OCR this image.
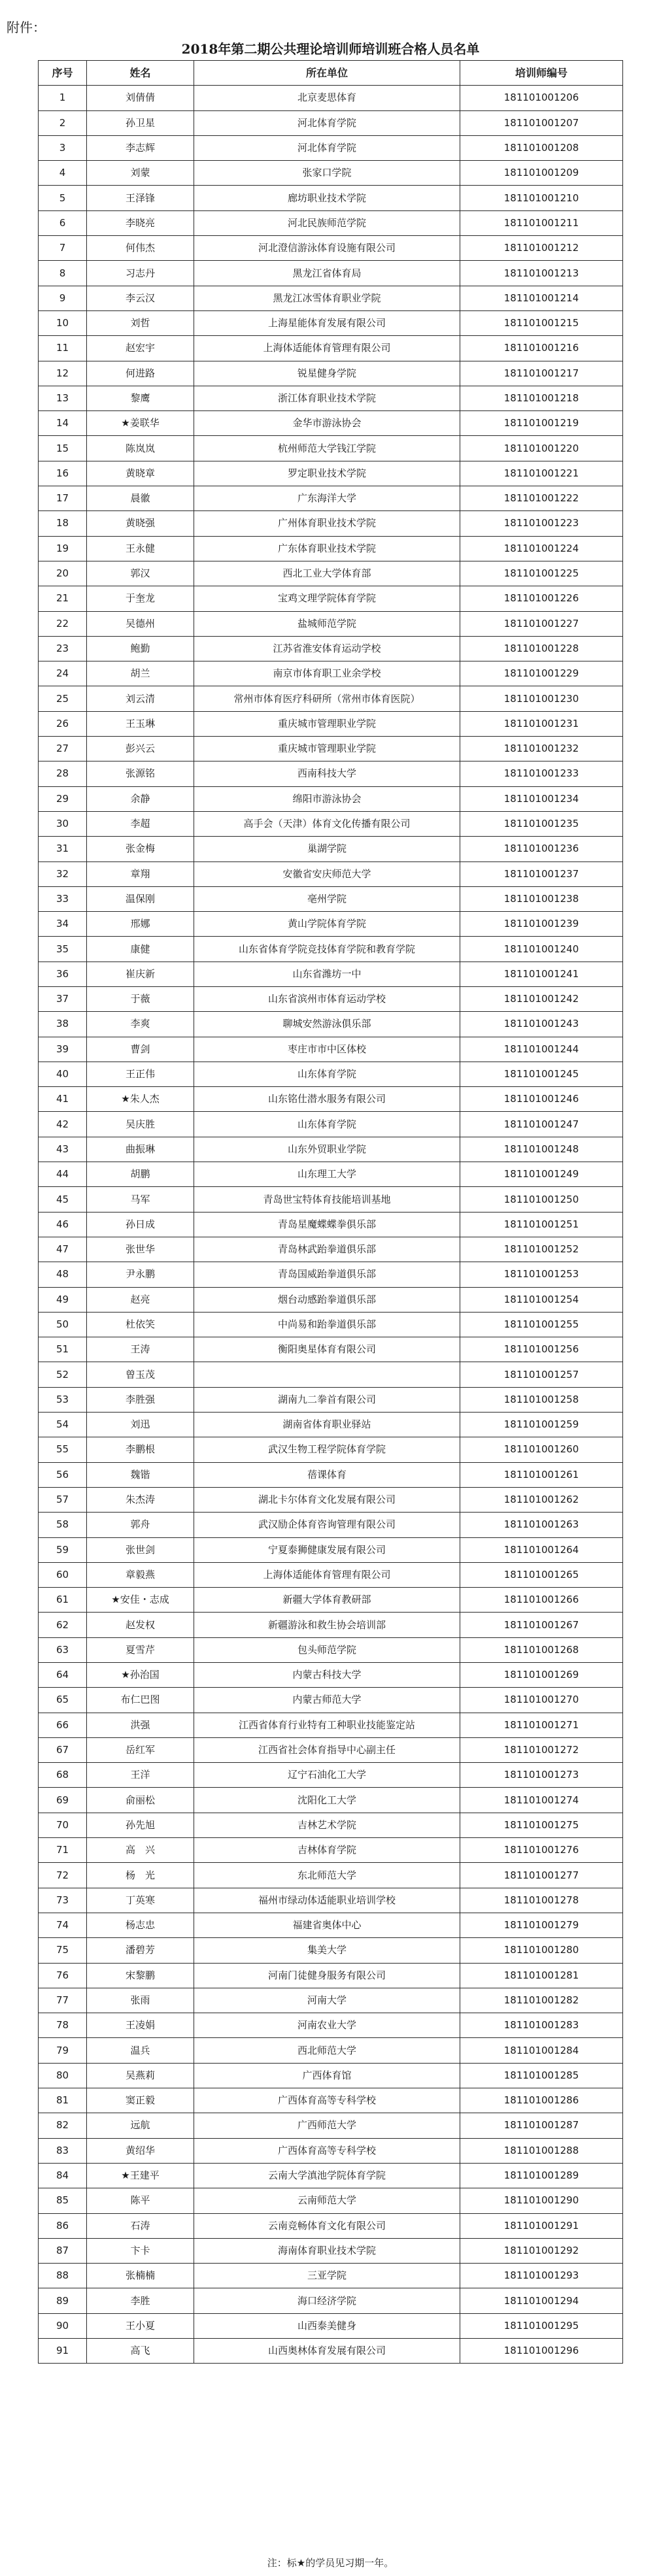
附件：
2018年第二期公共理论培训师培训班合格人员名单
序号	姓名	所在单位	培训师编号
1	刘倩倩	北京麦思体育	181101001206
2	孙卫星	河北体育学院	181101001207
3	李志辉	河北体育学院	181101001208
4	刘蒙	张家口学院	181101001209
5	王泽锋	廊坊职业技术学院	181101001210
6	李晓亮	河北民族师范学院	181101001211
7	何伟杰	河北澄信游泳体育设施有限公司	181101001212
8	习志丹	黑龙江省体育局	181101001213
9	李云汉	黑龙江冰雪体育职业学院	181101001214
10	刘哲	上海星能体育发展有限公司	181101001215
11	赵宏宇	上海体适能体育管理有限公司	181101001216
12	何进路	锐星健身学院	181101001217
13	黎鹰	浙江体育职业技术学院	181101001218
14	★姜联华	金华市游泳协会	181101001219
15	陈岚岚	杭州师范大学钱江学院	181101001220
16	黄晓章	罗定职业技术学院	181101001221
17	晨徽	广东海洋大学	181101001222
18	黄晓强	广州体育职业技术学院	181101001223
19	王永健	广东体育职业技术学院	181101001224
20	郭汉	西北工业大学体育部	181101001225
21	于奎龙	宝鸡文理学院体育学院	181101001226
22	吴德州	盐城师范学院	181101001227
23	鲍勤	江苏省淮安体育运动学校	181101001228
24	胡兰	南京市体育职工业余学校	181101001229
25	刘云清	常州市体育医疗科研所（常州市体育医院）	181101001230
26	王玉琳	重庆城市管理职业学院	181101001231
27	彭兴云	重庆城市管理职业学院	181101001232
28	张源铭	西南科技大学	181101001233
29	余静	绵阳市游泳协会	181101001234
30	李超	高手会（天津）体育文化传播有限公司	181101001235
31	张金梅	巢湖学院	181101001236
32	章翔	安徽省安庆师范大学	181101001237
33	温保刚	亳州学院	181101001238
34	邢娜	黄山学院体育学院	181101001239
35	康健	山东省体育学院竞技体育学院和教育学院	181101001240
36	崔庆新	山东省潍坊一中	181101001241
37	于薇	山东省滨州市体育运动学校	181101001242
38	李爽	聊城安然游泳俱乐部	181101001243
39	曹剑	枣庄市市中区体校	181101001244
40	王正伟	山东体育学院	181101001245
41	★朱人杰	山东铭仕潜水服务有限公司	181101001246
42	吴庆胜	山东体育学院	181101001247
43	曲振琳	山东外贸职业学院	181101001248
44	胡鹏	山东理工大学	181101001249
45	马军	青岛世宝特体育技能培训基地	181101001250
46	孙日成	青岛星魔蝶蝶拳俱乐部	181101001251
47	张世华	青岛林武跆拳道俱乐部	181101001252
48	尹永鹏	青岛国威跆拳道俱乐部	181101001253
49	赵亮	烟台动感跆拳道俱乐部	181101001254
50	杜依笑	中尚易和跆拳道俱乐部	181101001255
51	王涛	衡阳奥星体育有限公司	181101001256
52	曾玉茂		181101001257
53	李胜强	湖南九二拳首有限公司	181101001258
54	刘迅	湖南省体育职业驿站	181101001259
55	李鹏根	武汉生物工程学院体育学院	181101001260
56	魏锴	蓓课体育	181101001261
57	朱杰涛	湖北卡尔体育文化发展有限公司	181101001262
58	郭舟	武汉励企体育咨询管理有限公司	181101001263
59	张世剑	宁夏泰狮健康发展有限公司	181101001264
60	章毅燕	上海体适能体育管理有限公司	181101001265
61	★安佳・志成	新疆大学体育教研部	181101001266
62	赵发权	新疆游泳和救生协会培训部	181101001267
63	夏雪芹	包头师范学院	181101001268
64	★孙治国	内蒙古科技大学	181101001269
65	布仁巴图	内蒙古师范大学	181101001270
66	洪强	江西省体育行业特有工种职业技能鉴定站	181101001271
67	岳红军	江西省社会体育指导中心副主任	181101001272
68	王洋	辽宁石油化工大学	181101001273
69	俞丽松	沈阳化工大学	181101001274
70	孙先旭	吉林艺术学院	181101001275
71	高　兴	吉林体育学院	181101001276
72	杨　光	东北师范大学	181101001277
73	丁英寒	福州市绿动体适能职业培训学校	181101001278
74	杨志忠	福建省奥体中心	181101001279
75	潘碧芳	集美大学	181101001280
76	宋黎鹏	河南门徒健身服务有限公司	181101001281
77	张雨	河南大学	181101001282
78	王凌娟	河南农业大学	181101001283
79	温兵	西北师范大学	181101001284
80	吴燕莉	广西体育馆	181101001285
81	窦正毅	广西体育高等专科学校	181101001286
82	远航	广西师范大学	181101001287
83	黄绍华	广西体育高等专科学校	181101001288
84	★王建平	云南大学滇池学院体育学院	181101001289
85	陈平	云南师范大学	181101001290
86	石涛	云南竞畅体育文化有限公司	181101001291
87	卞卡	海南体育职业技术学院	181101001292
88	张楠楠	三亚学院	181101001293
89	李胜	海口经济学院	181101001294
90	王小夏	山西泰美健身	181101001295
91	高飞	山西奥林体育发展有限公司	181101001296
注：标★的学员见习期一年。
